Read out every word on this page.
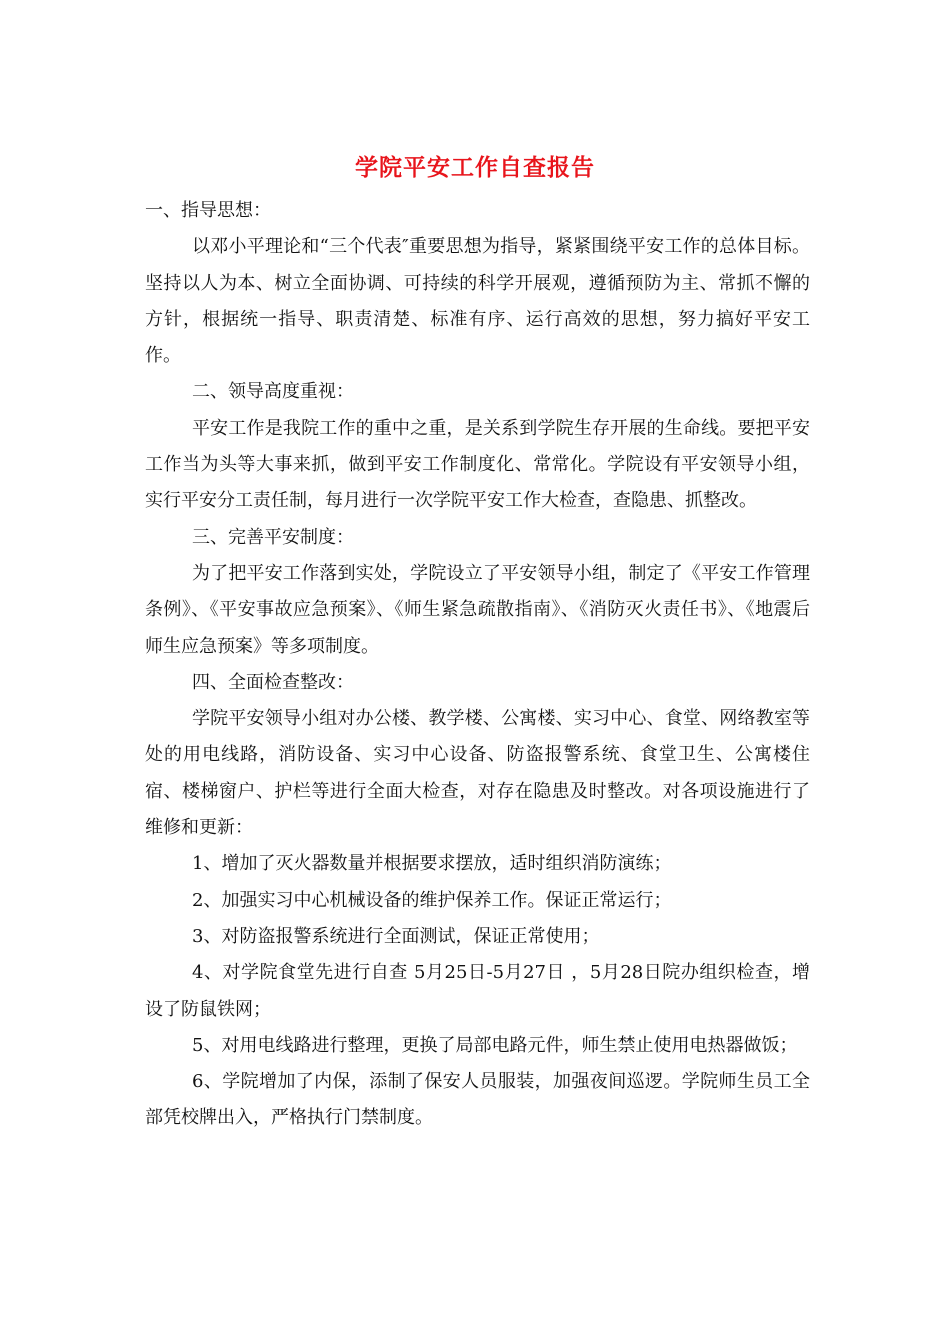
学院平安工作自查报告

一、指导思想：

以邓小平理论和“三个代表″重要思想为指导，紧紧围绕平安工作的总体目标。坚持以人为本、树立全面协调、可持续的科学开展观，遵循预防为主、常抓不懈的方针，根据统一指导、职责清楚、标准有序、运行高效的思想，努力搞好平安工作。

二、领导高度重视：

平安工作是我院工作的重中之重，是关系到学院生存开展的生命线。要把平安工作当为头等大事来抓，做到平安工作制度化、常常化。学院设有平安领导小组，实行平安分工责任制，每月进行一次学院平安工作大检查，查隐患、抓整改。

三、完善平安制度：

为了把平安工作落到实处，学院设立了平安领导小组，制定了《平安工作管理条例》、《平安事故应急预案》、《师生紧急疏散指南》、《消防灭火责任书》、《地震后师生应急预案》等多项制度。

四、全面检查整改：

学院平安领导小组对办公楼、教学楼、公寓楼、实习中心、食堂、网络教室等处的用电线路，消防设备、实习中心设备、防盗报警系统、食堂卫生、公寓楼住宿、楼梯窗户、护栏等进行全面大检查，对存在隐患及时整改。对各项设施进行了维修和更新：

1、增加了灭火器数量并根据要求摆放，适时组织消防演练；

2、加强实习中心机械设备的维护保养工作。保证正常运行；

3、对防盗报警系统进行全面测试，保证正常使用；

4、对学院食堂先进行自查 5月25日-5月27日 ，5月28日院办组织检查，增设了防鼠铁网；

5、对用电线路进行整理，更换了局部电路元件，师生禁止使用电热器做饭；

6、学院增加了内保，添制了保安人员服装，加强夜间巡逻。学院师生员工全部凭校牌出入，严格执行门禁制度。
